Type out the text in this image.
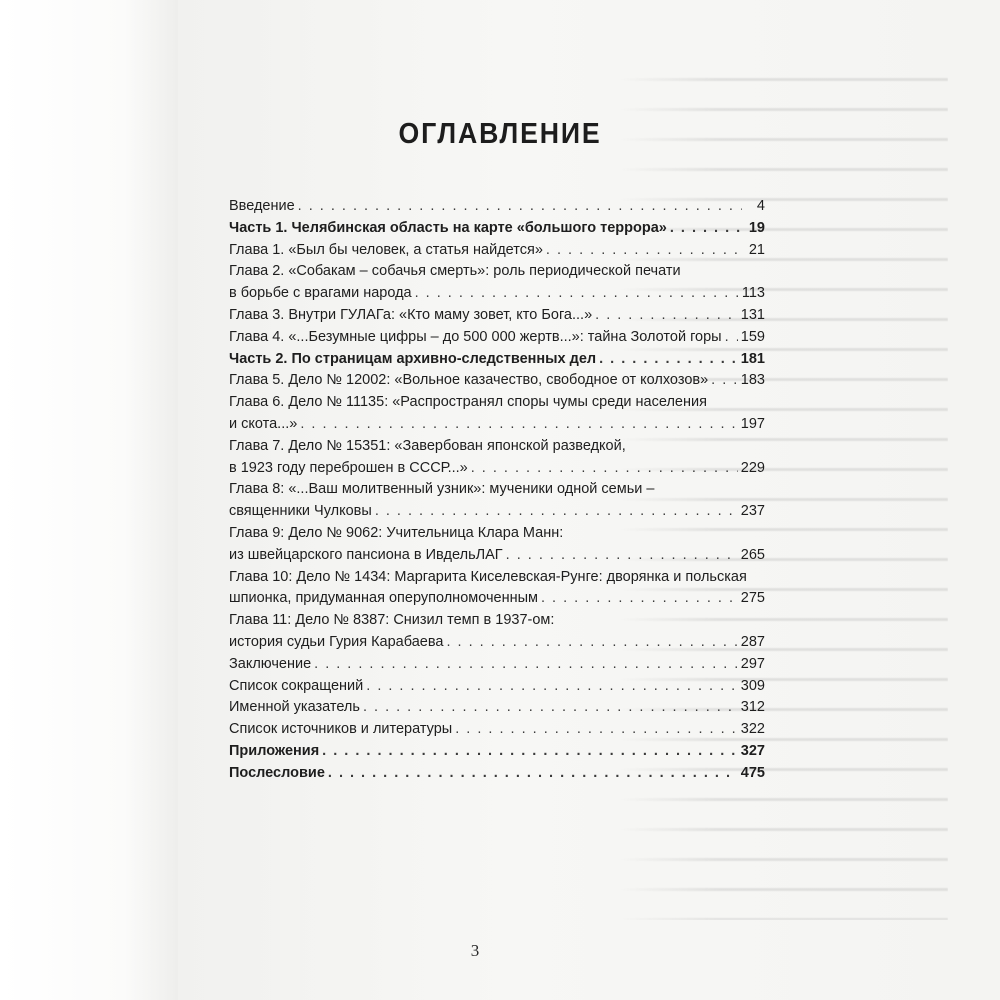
ОГЛАВЛЕНИЕ
Введение . . .	4
Часть 1. Челябинская область на карте «большого террора» . . .	19
Глава 1. «Был бы человек, а статья найдется» . . .	21
Глава 2. «Собакам – собачья смерть»: роль периодической печати
в борьбе с врагами народа . . .	113
Глава 3. Внутри ГУЛАГа: «Кто маму зовет, кто Бога...» . . .	131
Глава 4. «...Безумные цифры – до 500 000 жертв...»: тайна Золотой горы . . . 159
Часть 2. По страницам архивно-следственных дел . . .	181
Глава 5. Дело № 12002: «Вольное казачество, свободное от колхозов» . . . 183
Глава 6. Дело № 11135: «Распространял споры чумы среди населения
и скота...» . . .	197
Глава 7. Дело № 15351: «Завербован японской разведкой,
в 1923 году переброшен в СССР...» . . .	229
Глава 8: «...Ваш молитвенный узник»: мученики одной семьи –
священники Чулковы . . .	237
Глава 9: Дело № 9062: Учительница Клара Манн:
из швейцарского пансиона в ИвдельЛАГ . . .	265
Глава 10: Дело № 1434: Маргарита Киселевская-Рунге: дворянка и польская
шпионка, придуманная оперуполномоченным . . .	275
Глава 11: Дело № 8387: Снизил темп в 1937-ом:
история судьи Гурия Карабаева . . .	287
Заключение . . .	297
Список сокращений . . .	309
Именной указатель . . .	312
Список источников и литературы . . .	322
Приложения . . .	327
Послесловие . . .	475
3
